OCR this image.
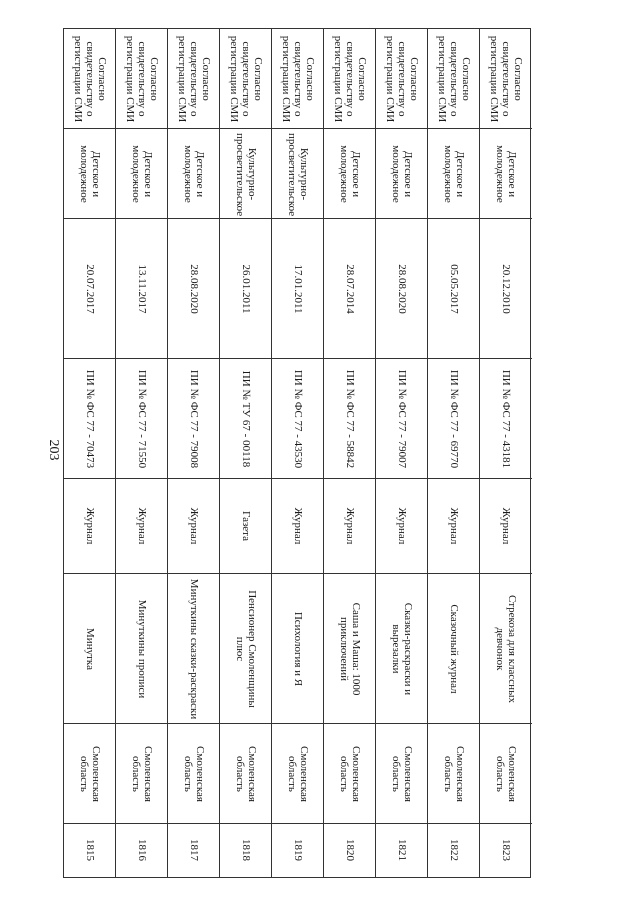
203
Согласно свидетельству о регистрации СМИ
Детское и молодежное
20.07.2017
ПИ № ФС 77 - 70473
Журнал
Минутка
Смоленская область
1815
Согласно свидетельству о регистрации СМИ
Детское и молодежное
13.11.2017
ПИ № ФС 77 - 71550
Журнал
Минуткины прописи
Смоленская область
1816
Согласно свидетельству о регистрации СМИ
Детское и молодежное
28.08.2020
ПИ № ФС 77 - 79008
Журнал
Минуткины сказки-раскраски
Смоленская область
1817
Согласно свидетельству о регистрации СМИ
Культурно-просветительское
26.01.2011
ПИ № ТУ 67 - 00118
Газета
Пенсионер Смоленщины плюс
Смоленская область
1818
Согласно свидетельству о регистрации СМИ
Культурно-просветительское
17.01.2011
ПИ № ФС 77 - 43530
Журнал
Психология и Я
Смоленская область
1819
Согласно свидетельству о регистрации СМИ
Детское и молодежное
28.07.2014
ПИ № ФС 77 - 58842
Журнал
Саша и Маша: 1000 приключений
Смоленская область
1820
Согласно свидетельству о регистрации СМИ
Детское и молодежное
28.08.2020
ПИ № ФС 77 - 79007
Журнал
Сказки-раскраски и вырезалки
Смоленская область
1821
Согласно свидетельству о регистрации СМИ
Детское и молодежное
05.05.2017
ПИ № ФС 77 - 69770
Журнал
Сказочный журнал
Смоленская область
1822
Согласно свидетельству о регистрации СМИ
Детское и молодежное
20.12.2010
ПИ № ФС 77 - 43181
Журнал
Стрекоза для классных девчонок
Смоленская область
1823
